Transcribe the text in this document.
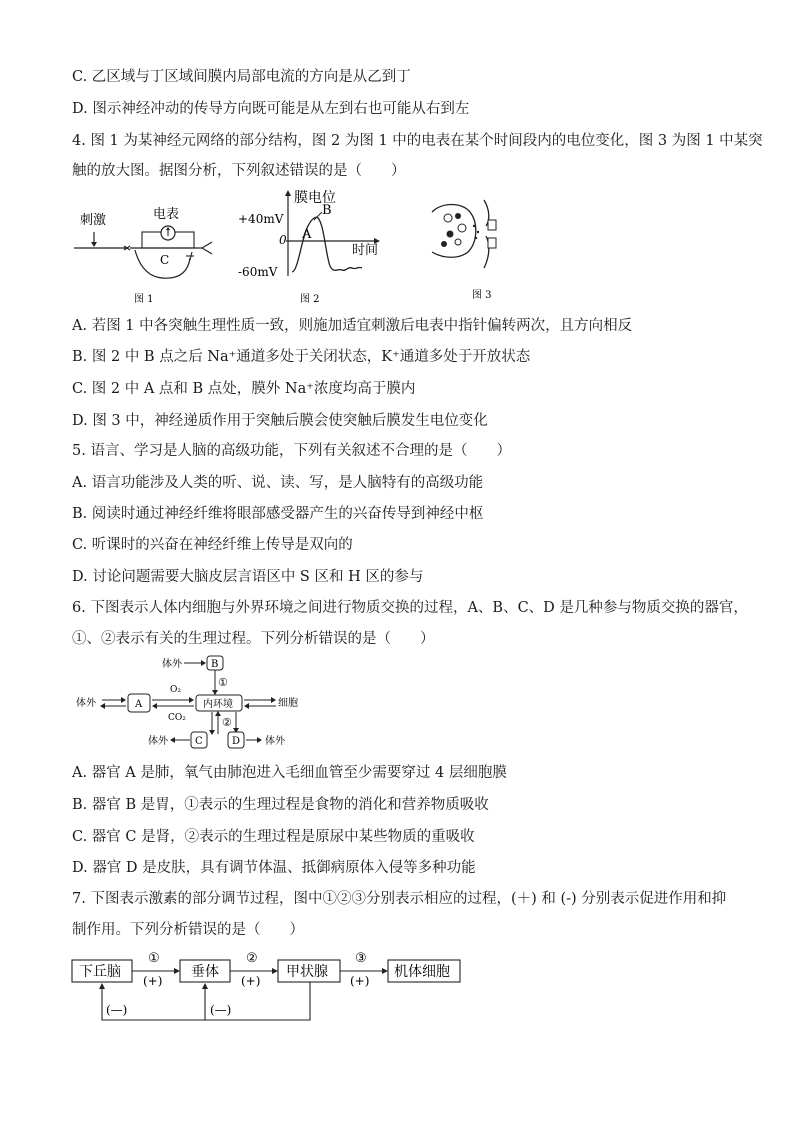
C. 乙区域与丁区域间膜内局部电流的方向是从乙到丁
D. 图示神经冲动的传导方向既可能是从左到右也可能从右到左
4. 图 1 为某神经元网络的部分结构，图 2 为图 1 中的电表在某个时间段内的电位变化，图 3 为图 1 中某突
触的放大图。据图分析，下列叙述错误的是（　　）
刺激	电表
C
图 1
膜电位
+40mV
0
-60mV
时间
A
B
图 2	图 3
A. 若图 1 中各突触生理性质一致，则施加适宜刺激后电表中指针偏转两次，且方向相反
B. 图 2 中 B 点之后 Na⁺通道多处于关闭状态，K⁺通道多处于开放状态
C. 图 2 中 A 点和 B 点处，膜外 Na⁺浓度均高于膜内
D. 图 3 中，神经递质作用于突触后膜会使突触后膜发生电位变化
5. 语言、学习是人脑的高级功能，下列有关叙述不合理的是（　　）
A. 语言功能涉及人类的听、说、读、写，是人脑特有的高级功能
B. 阅读时通过神经纤维将眼部感受器产生的兴奋传导到神经中枢
C. 听课时的兴奋在神经纤维上传导是双向的
D. 讨论问题需要大脑皮层言语区中 S 区和 H 区的参与
6. 下图表示人体内细胞与外界环境之间进行物质交换的过程，A、B、C、D 是几种参与物质交换的器官，
①、②表示有关的生理过程。下列分析错误的是（　　）
体外	B
①
体外	A
O₂
CO₂
内环境	细胞
②
C
体外	D 体外
A. 器官 A 是肺，氧气由肺泡进入毛细血管至少需要穿过 4 层细胞膜
B. 器官 B 是胃，①表示的生理过程是食物的消化和营养物质吸收
C. 器官 C 是肾，②表示的生理过程是原尿中某些物质的重吸收
D. 器官 D 是皮肤，具有调节体温、抵御病原体入侵等多种功能
7. 下图表示激素的部分调节过程，图中①②③分别表示相应的过程，(＋) 和 (-) 分别表示促进作用和抑
制作用。下列分析错误的是（　　）
下丘脑	垂体	甲状腺	机体细胞
①
(+)
②
(+)
③
(+)
(—)	(—)
